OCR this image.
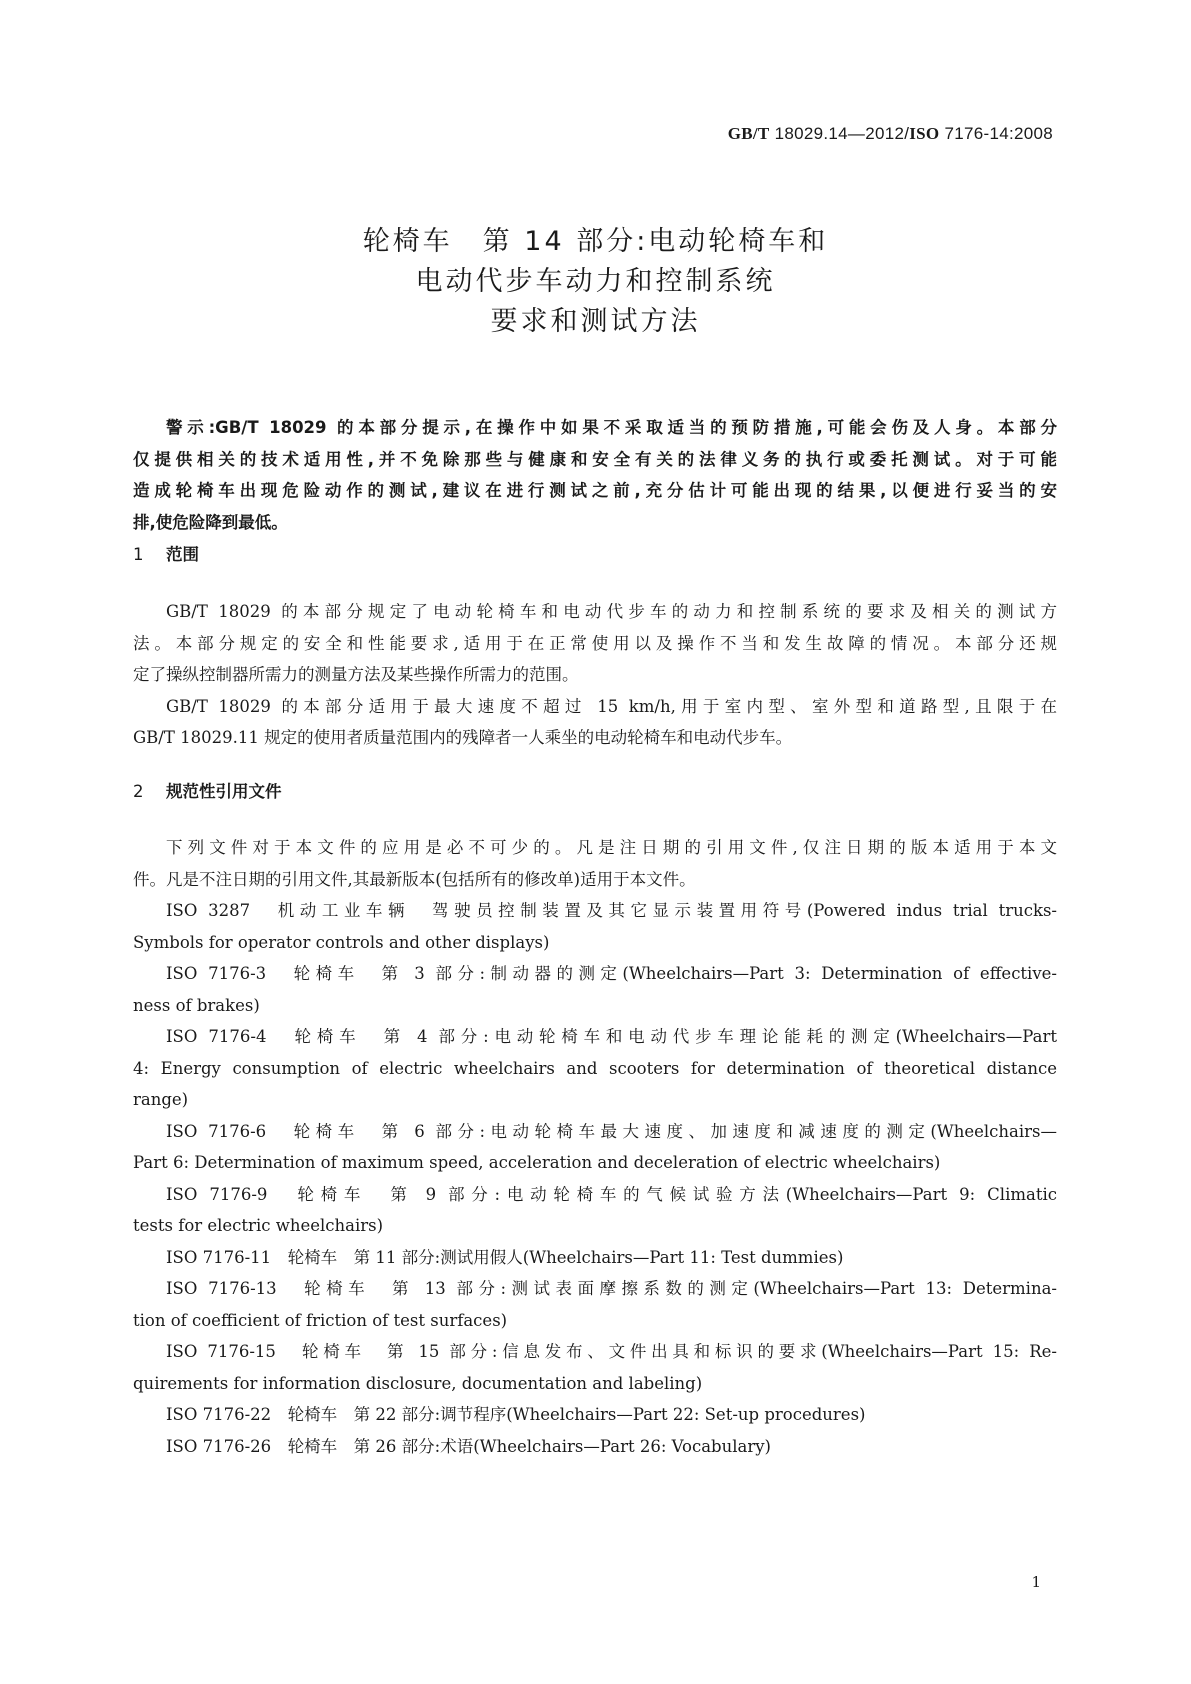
GB/T 18029.14—2012/ISO 7176-14:2008
轮椅车　第 14 部分:电动轮椅车和
电动代步车动力和控制系统
要求和测试方法
警示:GB/T 18029 的本部分提示,在操作中如果不采取适当的预防措施,可能会伤及人身。本部分
仅提供相关的技术适用性,并不免除那些与健康和安全有关的法律义务的执行或委托测试。对于可能
造成轮椅车出现危险动作的测试,建议在进行测试之前,充分估计可能出现的结果,以便进行妥当的安
排,使危险降到最低。
1 范围
GB/T 18029 的本部分规定了电动轮椅车和电动代步车的动力和控制系统的要求及相关的测试方
法。本部分规定的安全和性能要求,适用于在正常使用以及操作不当和发生故障的情况。本部分还规
定了操纵控制器所需力的测量方法及某些操作所需力的范围。
GB/T 18029 的本部分适用于最大速度不超过 15 km/h,用于室内型、室外型和道路型,且限于在
GB/T 18029.11 规定的使用者质量范围内的残障者一人乘坐的电动轮椅车和电动代步车。
2 规范性引用文件
下列文件对于本文件的应用是必不可少的。凡是注日期的引用文件,仅注日期的版本适用于本文
件。凡是不注日期的引用文件,其最新版本(包括所有的修改单)适用于本文件。
ISO 3287　机动工业车辆　驾驶员控制装置及其它显示装置用符号(Powered indus trial trucks-
Symbols for operator controls and other displays)
ISO 7176-3　轮椅车　第 3 部分:制动器的测定(Wheelchairs—Part 3: Determination of effective-
ness of brakes)
ISO 7176-4　轮椅车　第 4 部分:电动轮椅车和电动代步车理论能耗的测定(Wheelchairs—Part
4: Energy consumption of electric wheelchairs and scooters for determination of theoretical distance
range)
ISO 7176-6　轮椅车　第 6 部分:电动轮椅车最大速度、加速度和减速度的测定(Wheelchairs—
Part 6: Determination of maximum speed, acceleration and deceleration of electric wheelchairs)
ISO 7176-9　轮椅车　第 9 部分:电动轮椅车的气候试验方法(Wheelchairs—Part 9: Climatic
tests for electric wheelchairs)
ISO 7176-11　轮椅车　第 11 部分:测试用假人(Wheelchairs—Part 11: Test dummies)
ISO 7176-13　轮椅车　第 13 部分:测试表面摩擦系数的测定(Wheelchairs—Part 13: Determina-
tion of coefficient of friction of test surfaces)
ISO 7176-15　轮椅车　第 15 部分:信息发布、文件出具和标识的要求(Wheelchairs—Part 15: Re-
quirements for information disclosure, documentation and labeling)
ISO 7176-22　轮椅车　第 22 部分:调节程序(Wheelchairs—Part 22: Set-up procedures)
ISO 7176-26　轮椅车　第 26 部分:术语(Wheelchairs—Part 26: Vocabulary)
1
